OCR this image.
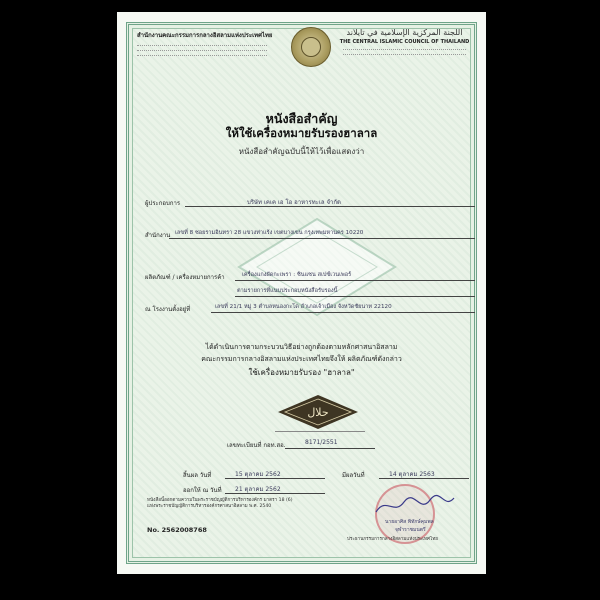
สำนักงานคณะกรรมการกลางอิสลามแห่งประเทศไทย	اللجنة المركزية الإسلامية في تايلاند
THE CENTRAL ISLAMIC COUNCIL OF THAILAND
หนังสือสำคัญ
ให้ใช้เครื่องหมายรับรองฮาลาล
หนังสือสำคัญฉบับนี้ให้ไว้เพื่อแสดงว่า
ผู้ประกอบการ	บริษัท เคเค เอ โอ อาหารทะเล จำกัด
สำนักงาน เลขที่ 8 ซอยรามอินทรา 28 แขวงท่าแร้ง เขตบางเขน กรุงเทพมหานคร 10220
ผลิตภัณฑ์ / เครื่องหมายการค้า	เครื่องแกงผัดกะเพรา : ซินแซน สเปซ์เวนเพอร์
ตามรายการที่แนบประกอบหนังสือรับรองนี้
ณ โรงงานตั้งอยู่ที่	เลขที่ 21/1 หมู่ 3 ตำบลหนองกะโด อำเภอเจ้าเมือง จังหวัดชัยนาท 22120
ได้ดำเนินการตามกระบวนวิธีอย่างถูกต้องตามหลักศาสนาอิสลาม
คณะกรรมการกลางอิสลามแห่งประเทศไทยจึงให้ ผลิตภัณฑ์ดังกล่าว
ใช้เครื่องหมายรับรอง "ฮาลาล"
حلال
เลขทะเบียนที่ กอท.สอ.	8171/2551
สิ้นผล วันที่	15 ตุลาคม 2562	มีผลวันที่	14 ตุลาคม 2563
ออกให้ ณ วันที่ 21 ตุลาคม 2562
นายอาศิส พิทักษ์คุมพล
จุฬาราชมนตรี
หนังสือนี้ออกตามความในพระราชบัญญัติการบริหารองค์กร มาตรา 18 (6)
แห่งพระราชบัญญัติการบริหารองค์กรศาสนาอิสลาม พ.ศ. 2540
No. 2562008768
ประธานกรรมการกลางอิสลามแห่งประเทศไทย
